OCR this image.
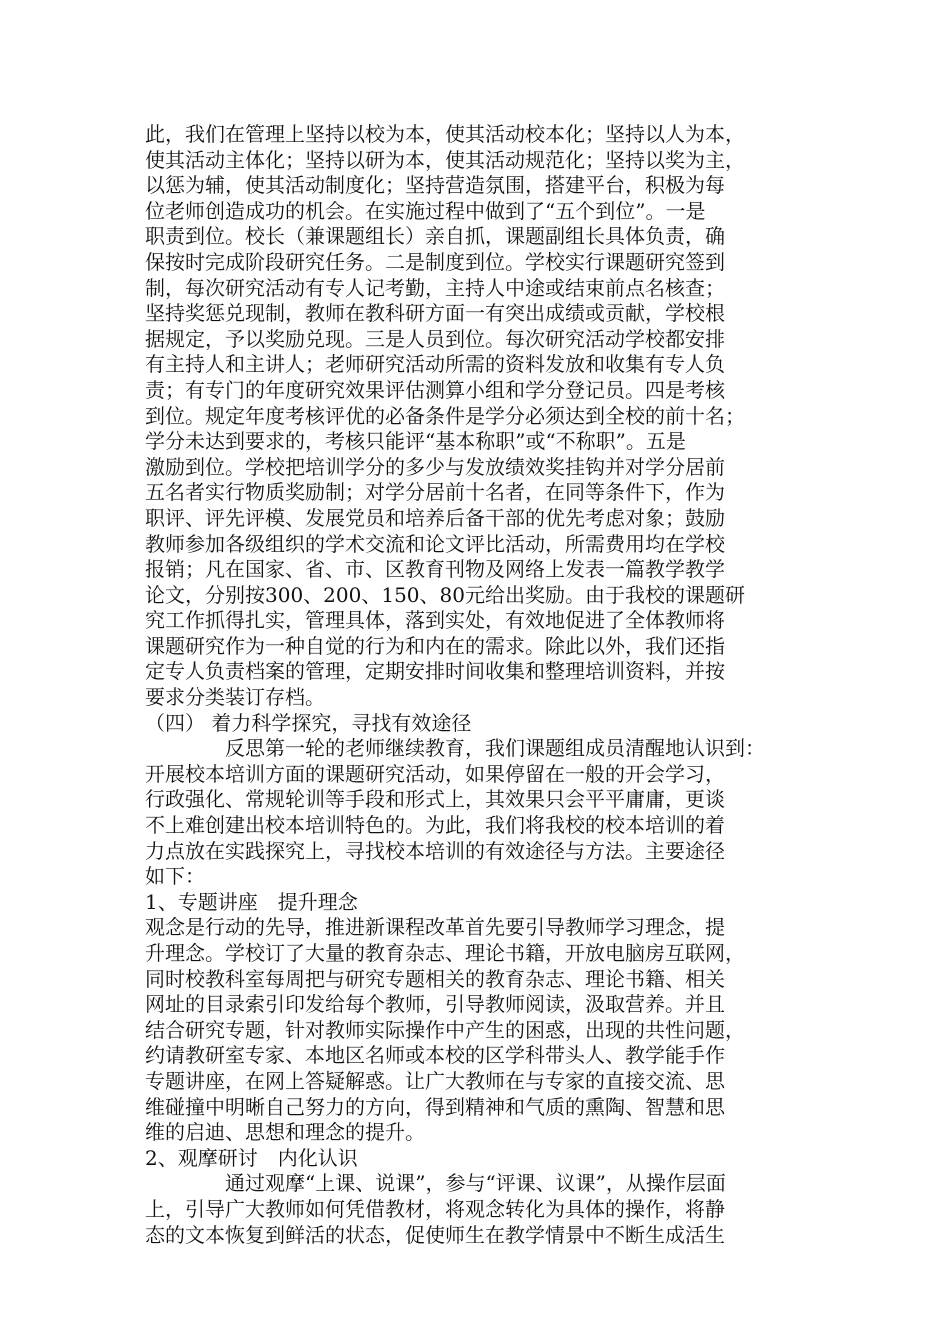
此，我们在管理上坚持以校为本，使其活动校本化；坚持以人为本，
使其活动主体化；坚持以研为本，使其活动规范化；坚持以奖为主，
以惩为辅，使其活动制度化；坚持营造氛围，搭建平台，积极为每
位老师创造成功的机会。在实施过程中做到了“五个到位”。一是
职责到位。校长（兼课题组长）亲自抓，课题副组长具体负责，确
保按时完成阶段研究任务。二是制度到位。学校实行课题研究签到
制，每次研究活动有专人记考勤，主持人中途或结束前点名核查；
坚持奖惩兑现制，教师在教科研方面一有突出成绩或贡献，学校根
据规定，予以奖励兑现。三是人员到位。每次研究活动学校都安排
有主持人和主讲人；老师研究活动所需的资料发放和收集有专人负
责；有专门的年度研究效果评估测算小组和学分登记员。四是考核
到位。规定年度考核评优的必备条件是学分必须达到全校的前十名；
学分未达到要求的，考核只能评“基本称职”或“不称职”。五是
激励到位。学校把培训学分的多少与发放绩效奖挂钩并对学分居前
五名者实行物质奖励制；对学分居前十名者，在同等条件下，作为
职评、评先评模、发展党员和培养后备干部的优先考虑对象；鼓励
教师参加各级组织的学术交流和论文评比活动，所需费用均在学校
报销；凡在国家、省、市、区教育刊物及网络上发表一篇教学教学
论文，分别按300、200、150、80元给出奖励。由于我校的课题研
究工作抓得扎实，管理具体，落到实处，有效地促进了全体教师将
课题研究作为一种自觉的行为和内在的需求。除此以外，我们还指
定专人负责档案的管理，定期安排时间收集和整理培训资料，并按
要求分类装订存档。
（四） 着力科学探究，寻找有效途径
反思第一轮的老师继续教育，我们课题组成员清醒地认识到：
开展校本培训方面的课题研究活动，如果停留在一般的开会学习，
行政强化、常规轮训等手段和形式上，其效果只会平平庸庸，更谈
不上难创建出校本培训特色的。为此，我们将我校的校本培训的着
力点放在实践探究上，寻找校本培训的有效途径与方法。主要途径
如下：
1、专题讲座　提升理念
观念是行动的先导，推进新课程改革首先要引导教师学习理念，提
升理念。学校订了大量的教育杂志、理论书籍，开放电脑房互联网，
同时校教科室每周把与研究专题相关的教育杂志、理论书籍、相关
网址的目录索引印发给每个教师，引导教师阅读，汲取营养。并且
结合研究专题，针对教师实际操作中产生的困惑，出现的共性问题，
约请教研室专家、本地区名师或本校的区学科带头人、教学能手作
专题讲座，在网上答疑解惑。让广大教师在与专家的直接交流、思
维碰撞中明晰自己努力的方向，得到精神和气质的熏陶、智慧和思
维的启迪、思想和理念的提升。
2、观摩研讨　内化认识
通过观摩“上课、说课”，参与“评课、议课”，从操作层面
上，引导广大教师如何凭借教材，将观念转化为具体的操作，将静
态的文本恢复到鲜活的状态，促使师生在教学情景中不断生成活生
